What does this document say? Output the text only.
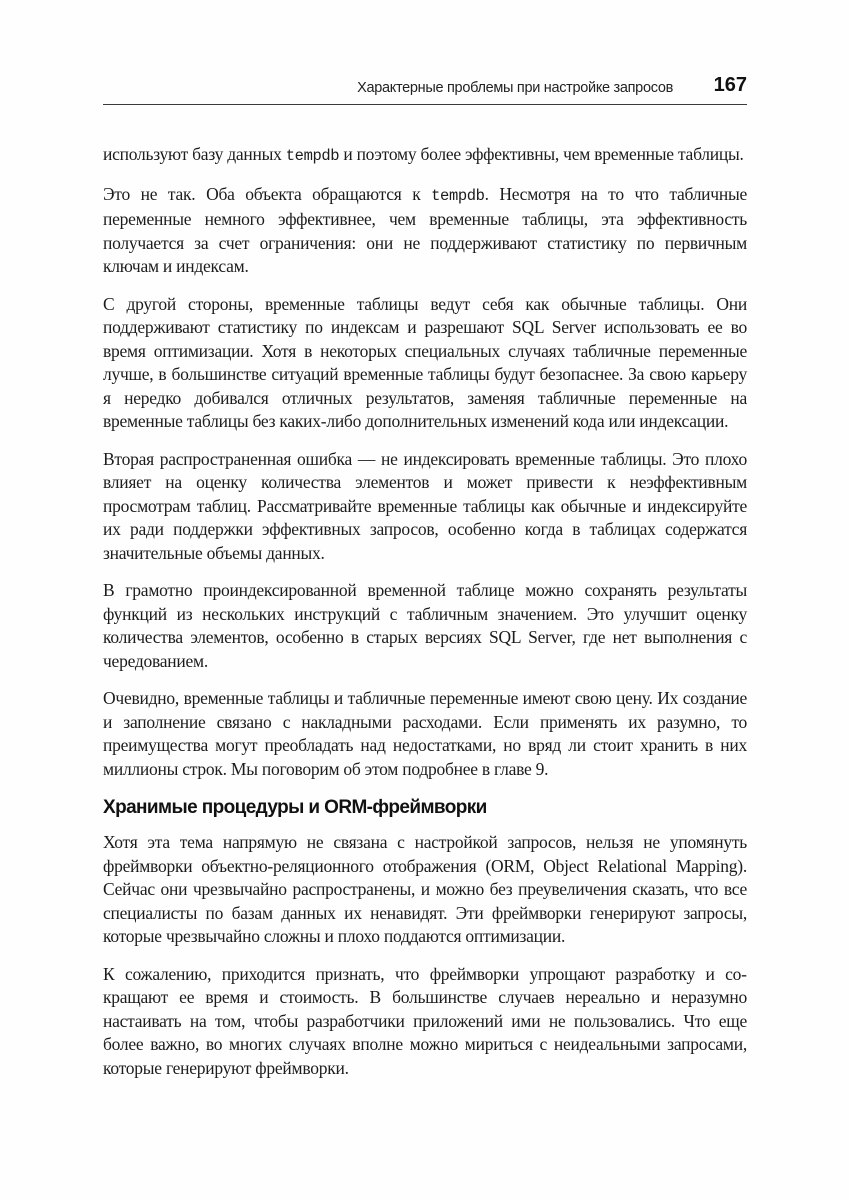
Характерные проблемы при настройке запросов 167

используют базу данных tempdb и поэтому более эффективны, чем временные таблицы.

Это не так. Оба объекта обращаются к tempdb. Несмотря на то что табличные переменные немного эффективнее, чем временные таблицы, эта эффективность получается за счет ограничения: они не поддерживают статистику по первичным ключам и индексам.

С другой стороны, временные таблицы ведут себя как обычные таблицы. Они поддерживают статистику по индексам и разрешают SQL Server использовать ее во время оптимизации. Хотя в некоторых специальных случаях табличные переменные лучше, в большинстве ситуаций временные таблицы будут безопаснее. За свою карьеру я нередко добивался отличных результатов, заменяя табличные переменные на временные таблицы без каких-либо дополнительных изменений кода или индексации.

Вторая распространенная ошибка — не индексировать временные таблицы. Это плохо влияет на оценку количества элементов и может привести к неэффективным просмотрам таблиц. Рассматривайте временные таблицы как обычные и индексируйте их ради поддержки эффективных запросов, особенно когда в таблицах содержатся значительные объемы данных.

В грамотно проиндексированной временной таблице можно сохранять результаты функций из нескольких инструкций с табличным значением. Это улучшит оценку количества элементов, особенно в старых версиях SQL Server, где нет выполнения с чередованием.

Очевидно, временные таблицы и табличные переменные имеют свою цену. Их создание и заполнение связано с накладными расходами. Если применять их разумно, то преимущества могут преобладать над недостатками, но вряд ли стоит хранить в них миллионы строк. Мы поговорим об этом подробнее в главе 9.

Хранимые процедуры и ORM-фреймворки

Хотя эта тема напрямую не связана с настройкой запросов, нельзя не упомянуть фреймворки объектно-реляционного отображения (ORM, Object Relational Mapping). Сейчас они чрезвычайно распространены, и можно без преувеличения сказать, что все специалисты по базам данных их ненавидят. Эти фреймворки генерируют запросы, которые чрезвычайно сложны и плохо поддаются оптимизации.

К сожалению, приходится признать, что фреймворки упрощают разработку и сокращают ее время и стоимость. В большинстве случаев нереально и неразумно настаивать на том, чтобы разработчики приложений ими не пользовались. Что еще более важно, во многих случаях вполне можно мириться с неидеальными запросами, которые генерируют фреймворки.
